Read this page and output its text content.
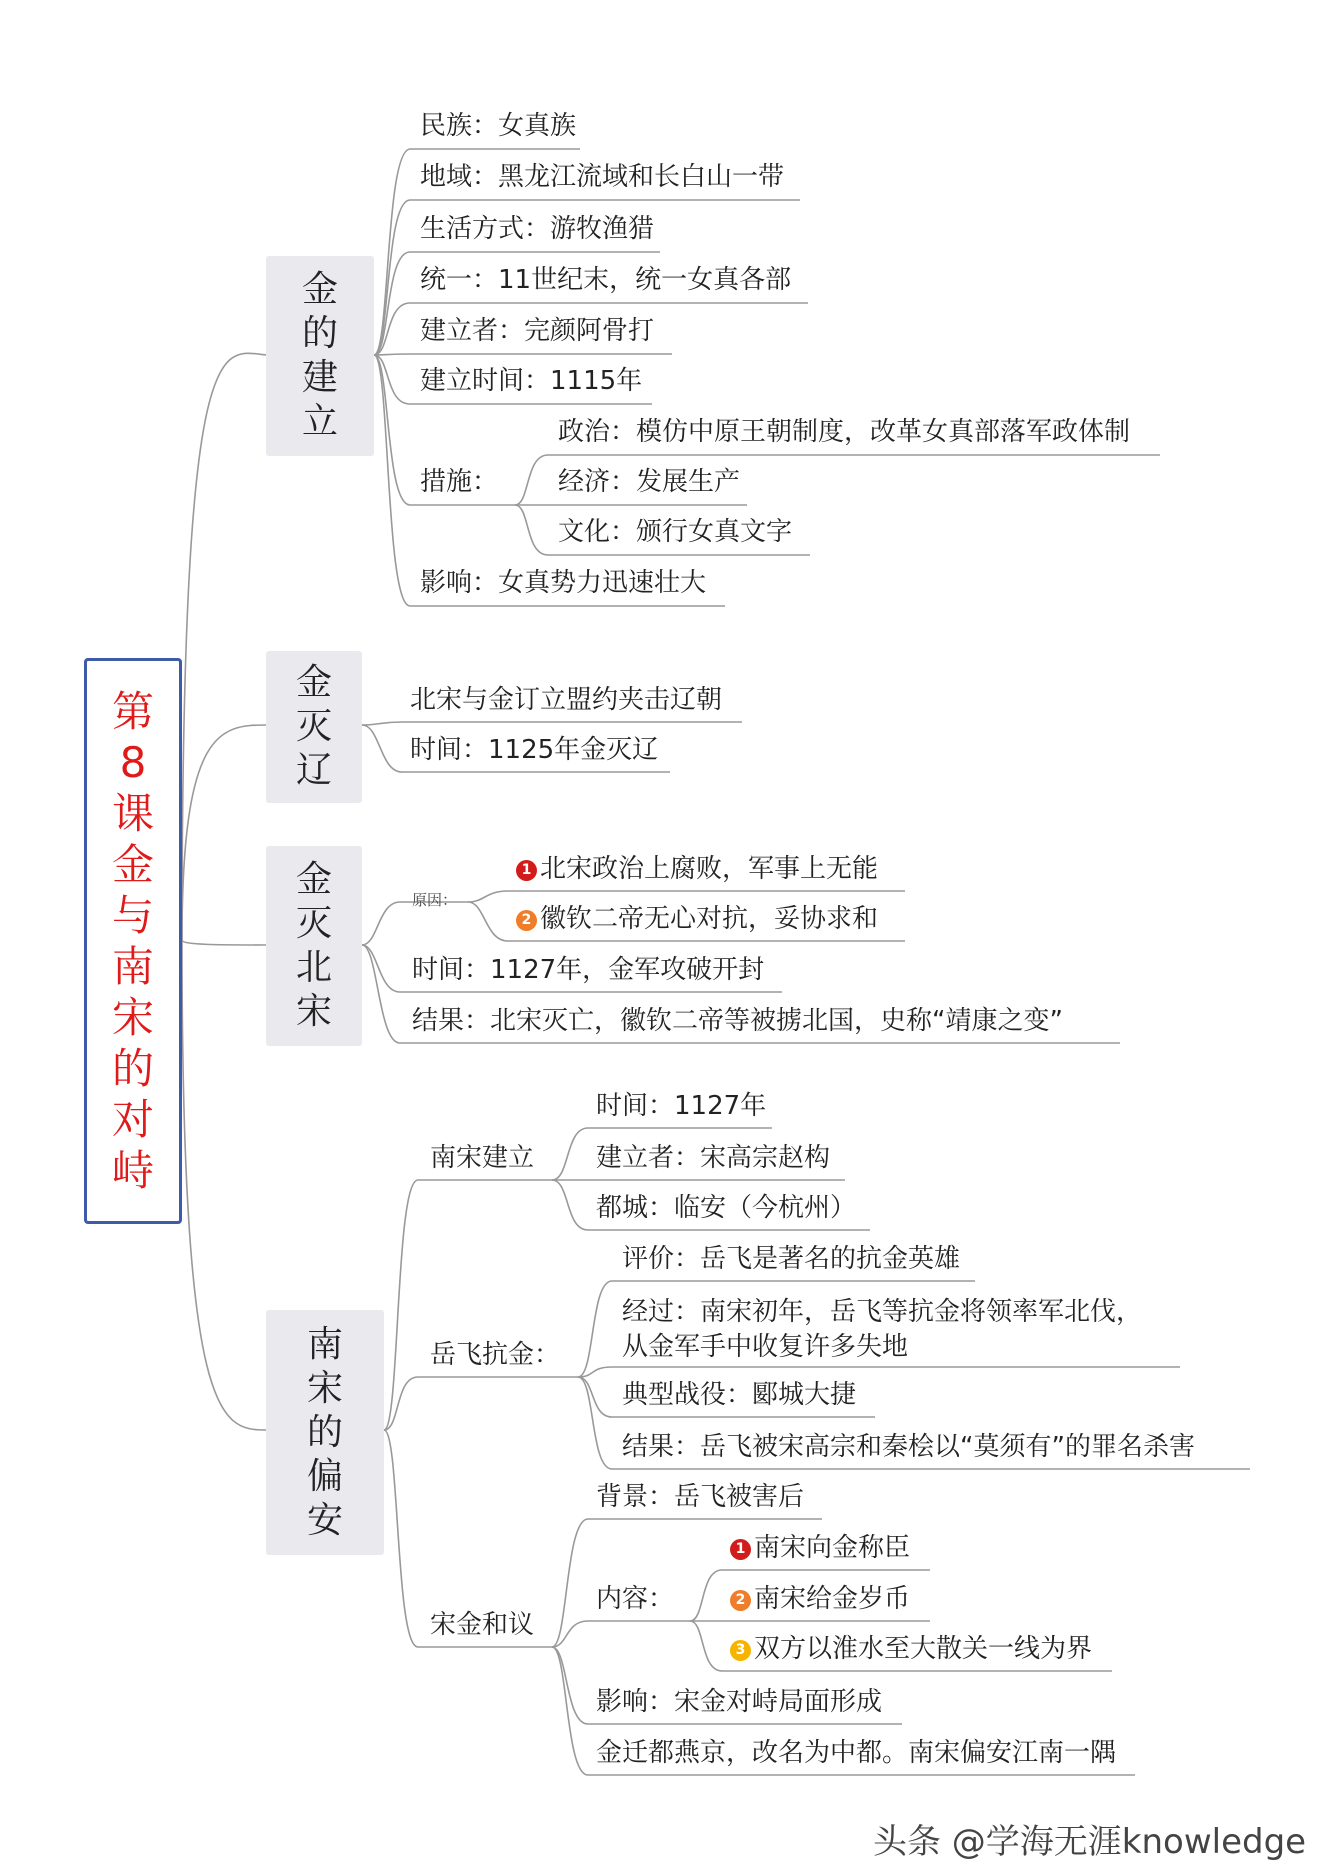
第
8
课
金
与
南
宋
的
对
峙
金
的
建
立
民族：女真族
地域：黑龙江流域和长白山一带
生活方式：游牧渔猎
统一：11世纪末，统一女真各部
建立者：完颜阿骨打
建立时间：1115年
措施：
政治：模仿中原王朝制度，改革女真部落军政体制
经济：发展生产
文化：颁行女真文字
影响：女真势力迅速壮大
金
灭
辽
北宋与金订立盟约夹击辽朝
时间：1125年金灭辽
金
灭
北
宋
原因：
1 北宋政治上腐败，军事上无能
2 徽钦二帝无心对抗，妥协求和
时间：1127年，金军攻破开封
结果：北宋灭亡，徽钦二帝等被掳北国，史称“靖康之变”
南
宋
的
偏
安
南宋建立
时间：1127年
建立者：宋高宗赵构
都城：临安（今杭州）
岳飞抗金：
评价：岳飞是著名的抗金英雄
经过：南宋初年，岳飞等抗金将领率军北伐，
从金军手中收复许多失地
典型战役：郾城大捷
结果：岳飞被宋高宗和秦桧以“莫须有”的罪名杀害
宋金和议
背景：岳飞被害后
内容：
1 南宋向金称臣
2 南宋给金岁币
3 双方以淮水至大散关一线为界
影响：宋金对峙局面形成
金迁都燕京，改名为中都。南宋偏安江南一隅
头条 @学海无涯knowledge
